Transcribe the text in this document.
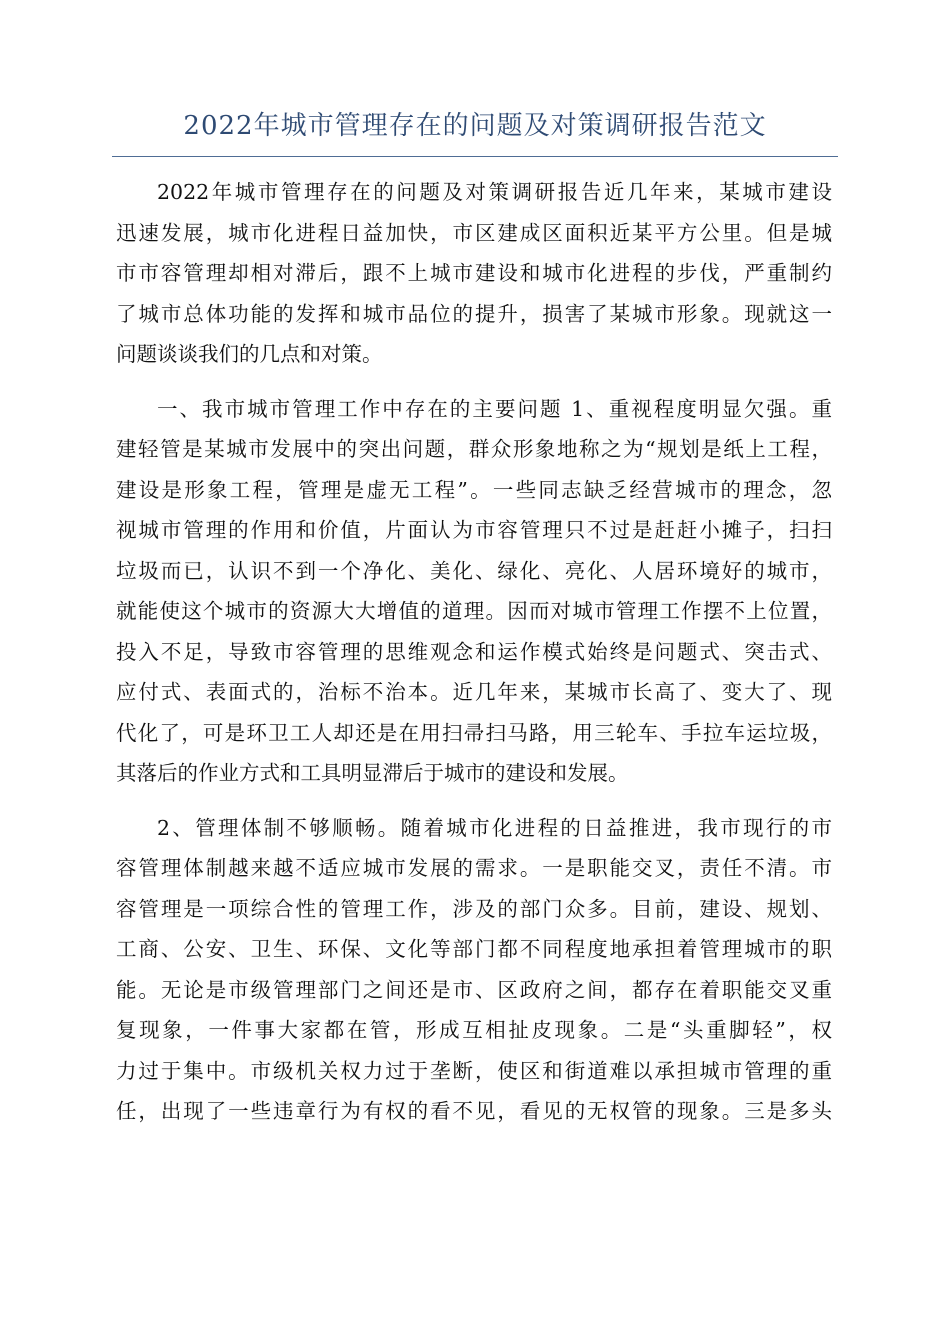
2022年城市管理存在的问题及对策调研报告范文
2022年城市管理存在的问题及对策调研报告近几年来，某城市建设
迅速发展，城市化进程日益加快，市区建成区面积近某平方公里。但是城
市市容管理却相对滞后，跟不上城市建设和城市化进程的步伐，严重制约
了城市总体功能的发挥和城市品位的提升，损害了某城市形象。现就这一
问题谈谈我们的几点和对策。
一、我市城市管理工作中存在的主要问题 1、重视程度明显欠强。重
建轻管是某城市发展中的突出问题，群众形象地称之为“规划是纸上工程，
建设是形象工程，管理是虚无工程”。一些同志缺乏经营城市的理念，忽
视城市管理的作用和价值，片面认为市容管理只不过是赶赶小摊子，扫扫
垃圾而已，认识不到一个净化、美化、绿化、亮化、人居环境好的城市，
就能使这个城市的资源大大增值的道理。因而对城市管理工作摆不上位置，
投入不足，导致市容管理的思维观念和运作模式始终是问题式、突击式、
应付式、表面式的，治标不治本。近几年来，某城市长高了、变大了、现
代化了，可是环卫工人却还是在用扫帚扫马路，用三轮车、手拉车运垃圾，
其落后的作业方式和工具明显滞后于城市的建设和发展。
2、管理体制不够顺畅。随着城市化进程的日益推进，我市现行的市
容管理体制越来越不适应城市发展的需求。一是职能交叉，责任不清。市
容管理是一项综合性的管理工作，涉及的部门众多。目前，建设、规划、
工商、公安、卫生、环保、文化等部门都不同程度地承担着管理城市的职
能。无论是市级管理部门之间还是市、区政府之间，都存在着职能交叉重
复现象，一件事大家都在管，形成互相扯皮现象。二是“头重脚轻”，权
力过于集中。市级机关权力过于垄断，使区和街道难以承担城市管理的重
任，出现了一些违章行为有权的看不见，看见的无权管的现象。三是多头
